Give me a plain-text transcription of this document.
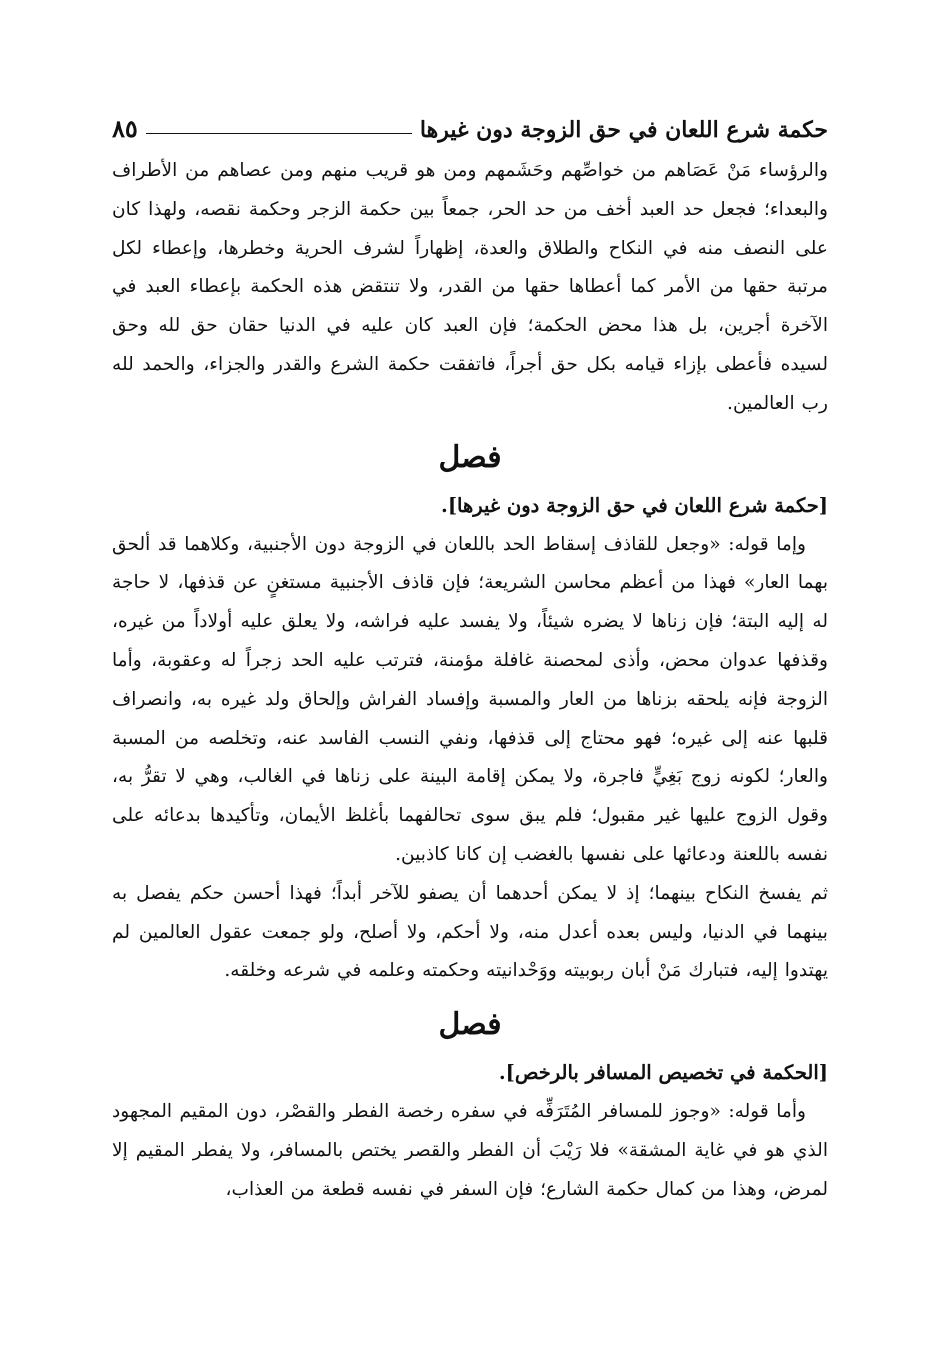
حكمة شرع اللعان في حق الزوجة دون غيرها
٨٥

والرؤساء مَنْ عَصَاهم من خواصِّهم وحَشَمهم ومن هو قريب منهم ومن عصاهم من الأطراف والبعداء؛ فجعل حد العبد أخف من حد الحر، جمعاً بين حكمة الزجر وحكمة نقصه، ولهذا كان على النصف منه في النكاح والطلاق والعدة، إظهاراً لشرف الحرية وخطرها، وإعطاء لكل مرتبة حقها من الأمر كما أعطاها حقها من القدر، ولا تنتقض هذه الحكمة بإعطاء العبد في الآخرة أجرين، بل هذا محض الحكمة؛ فإن العبد كان عليه في الدنيا حقان حق لله وحق لسيده فأعطى بإزاء قيامه بكل حق أجراً، فاتفقت حكمة الشرع والقدر والجزاء، والحمد لله رب العالمين.

فصل

[حكمة شرع اللعان في حق الزوجة دون غيرها].

وإما قوله: «وجعل للقاذف إسقاط الحد باللعان في الزوجة دون الأجنبية، وكلاهما قد ألحق بهما العار» فهذا من أعظم محاسن الشريعة؛ فإن قاذف الأجنبية مستغنٍ عن قذفها، لا حاجة له إليه البتة؛ فإن زناها لا يضره شيئاً، ولا يفسد عليه فراشه، ولا يعلق عليه أولاداً من غيره، وقذفها عدوان محض، وأذى لمحصنة غافلة مؤمنة، فترتب عليه الحد زجراً له وعقوبة، وأما الزوجة فإنه يلحقه بزناها من العار والمسبة وإفساد الفراش وإلحاق ولد غيره به، وانصراف قلبها عنه إلى غيره؛ فهو محتاج إلى قذفها، ونفي النسب الفاسد عنه، وتخلصه من المسبة والعار؛ لكونه زوج بَغِيٍّ فاجرة، ولا يمكن إقامة البينة على زناها في الغالب، وهي لا تقرُّ به، وقول الزوج عليها غير مقبول؛ فلم يبق سوى تحالفهما بأغلظ الأيمان، وتأكيدها بدعائه على نفسه باللعنة ودعائها على نفسها بالغضب إن كانا كاذبين.

ثم يفسخ النكاح بينهما؛ إذ لا يمكن أحدهما أن يصفو للآخر أبداً؛ فهذا أحسن حكم يفصل به بينهما في الدنيا، وليس بعده أعدل منه، ولا أحكم، ولا أصلح، ولو جمعت عقول العالمين لم يهتدوا إليه، فتبارك مَنْ أبان ربوبيته ووَحْدانيته وحكمته وعلمه في شرعه وخلقه.

فصل

[الحكمة في تخصيص المسافر بالرخص].

وأما قوله: «وجوز للمسافر المُتَرَفِّه في سفره رخصة الفطر والقصْر، دون المقيم المجهود الذي هو في غاية المشقة» فلا رَيْبَ أن الفطر والقصر يختص بالمسافر، ولا يفطر المقيم إلا لمرض، وهذا من كمال حكمة الشارع؛ فإن السفر في نفسه قطعة من العذاب،
